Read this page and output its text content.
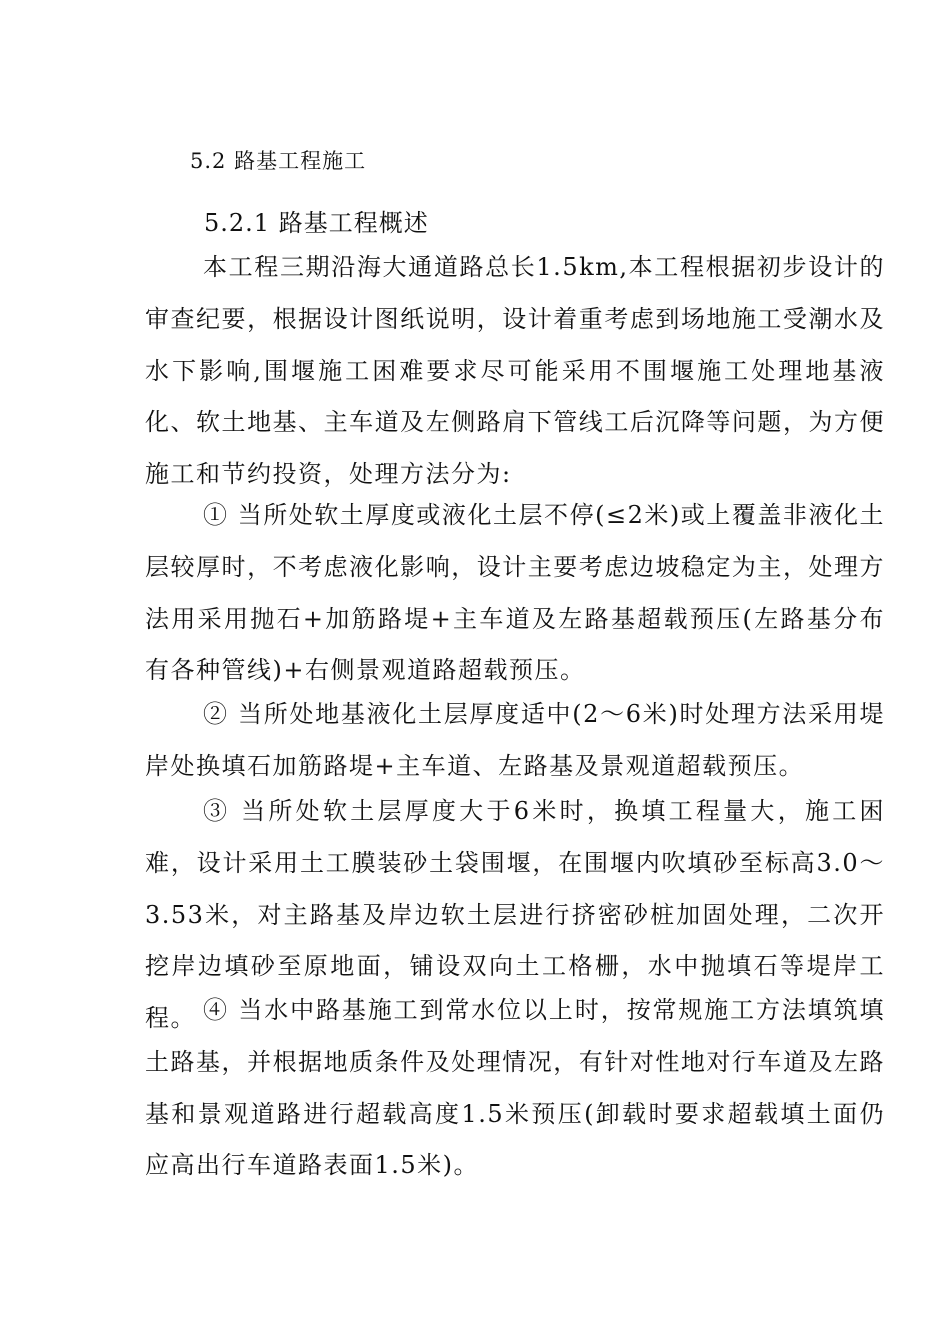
5.2 路基工程施工
5.2.1 路基工程概述

本工程三期沿海大通道路总长1.5km,本工程根据初步设计的审查纪要，根据设计图纸说明，设计着重考虑到场地施工受潮水及水下影响,围堰施工困难要求尽可能采用不围堰施工处理地基液化、软土地基、主车道及左侧路肩下管线工后沉降等问题，为方便施工和节约投资，处理方法分为:

① 当所处软土厚度或液化土层不停(≤2米)或上覆盖非液化土层较厚时，不考虑液化影响，设计主要考虑边坡稳定为主，处理方法用采用抛石+加筋路堤+主车道及左路基超载预压(左路基分布有各种管线)+右侧景观道路超载预压。

② 当所处地基液化土层厚度适中(2～6米)时处理方法采用堤岸处换填石加筋路堤+主车道、左路基及景观道超载预压。

③ 当所处软土层厚度大于6米时，换填工程量大，施工困难，设计采用土工膜装砂土袋围堰，在围堰内吹填砂至标高3.0～3.53米，对主路基及岸边软土层进行挤密砂桩加固处理，二次开挖岸边填砂至原地面，铺设双向土工格栅，水中抛填石等堤岸工程。 ④ 当水中路基施工到常水位以上时，按常规施工方法填筑填土路基，并根据地质条件及处理情况，有针对性地对行车道及左路基和景观道路进行超载高度1.5米预压(卸载时要求超载填土面仍应高出行车道路表面1.5米)。
